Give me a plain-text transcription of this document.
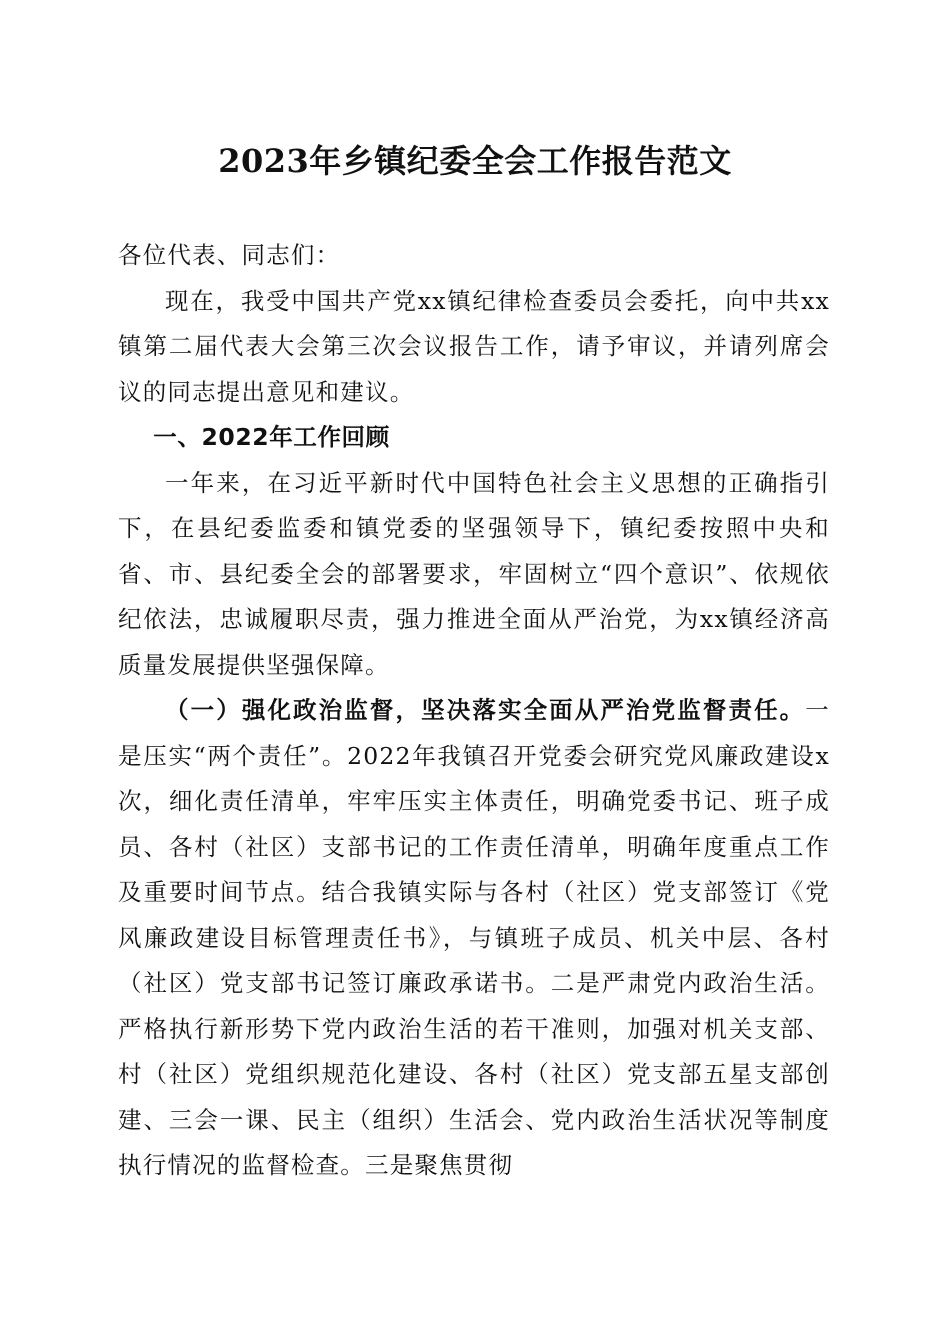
2023年乡镇纪委全会工作报告范文

各位代表、同志们：

现在，我受中国共产党xx镇纪律检查委员会委托，向中共xx镇第二届代表大会第三次会议报告工作，请予审议，并请列席会议的同志提出意见和建议。

一、2022年工作回顾

一年来，在习近平新时代中国特色社会主义思想的正确指引下，在县纪委监委和镇党委的坚强领导下，镇纪委按照中央和省、市、县纪委全会的部署要求，牢固树立“四个意识”、依规依纪依法，忠诚履职尽责，强力推进全面从严治党，为xx镇经济高质量发展提供坚强保障。

（一）强化政治监督，坚决落实全面从严治党监督责任。一是压实“两个责任”。2022年我镇召开党委会研究党风廉政建设x次，细化责任清单，牢牢压实主体责任，明确党委书记、班子成员、各村（社区）支部书记的工作责任清单，明确年度重点工作及重要时间节点。结合我镇实际与各村（社区）党支部签订《党风廉政建设目标管理责任书》，与镇班子成员、机关中层、各村（社区）党支部书记签订廉政承诺书。二是严肃党内政治生活。严格执行新形势下党内政治生活的若干准则，加强对机关支部、村（社区）党组织规范化建设、各村（社区）党支部五星支部创建、三会一课、民主（组织）生活会、党内政治生活状况等制度执行情况的监督检查。三是聚焦贯彻
